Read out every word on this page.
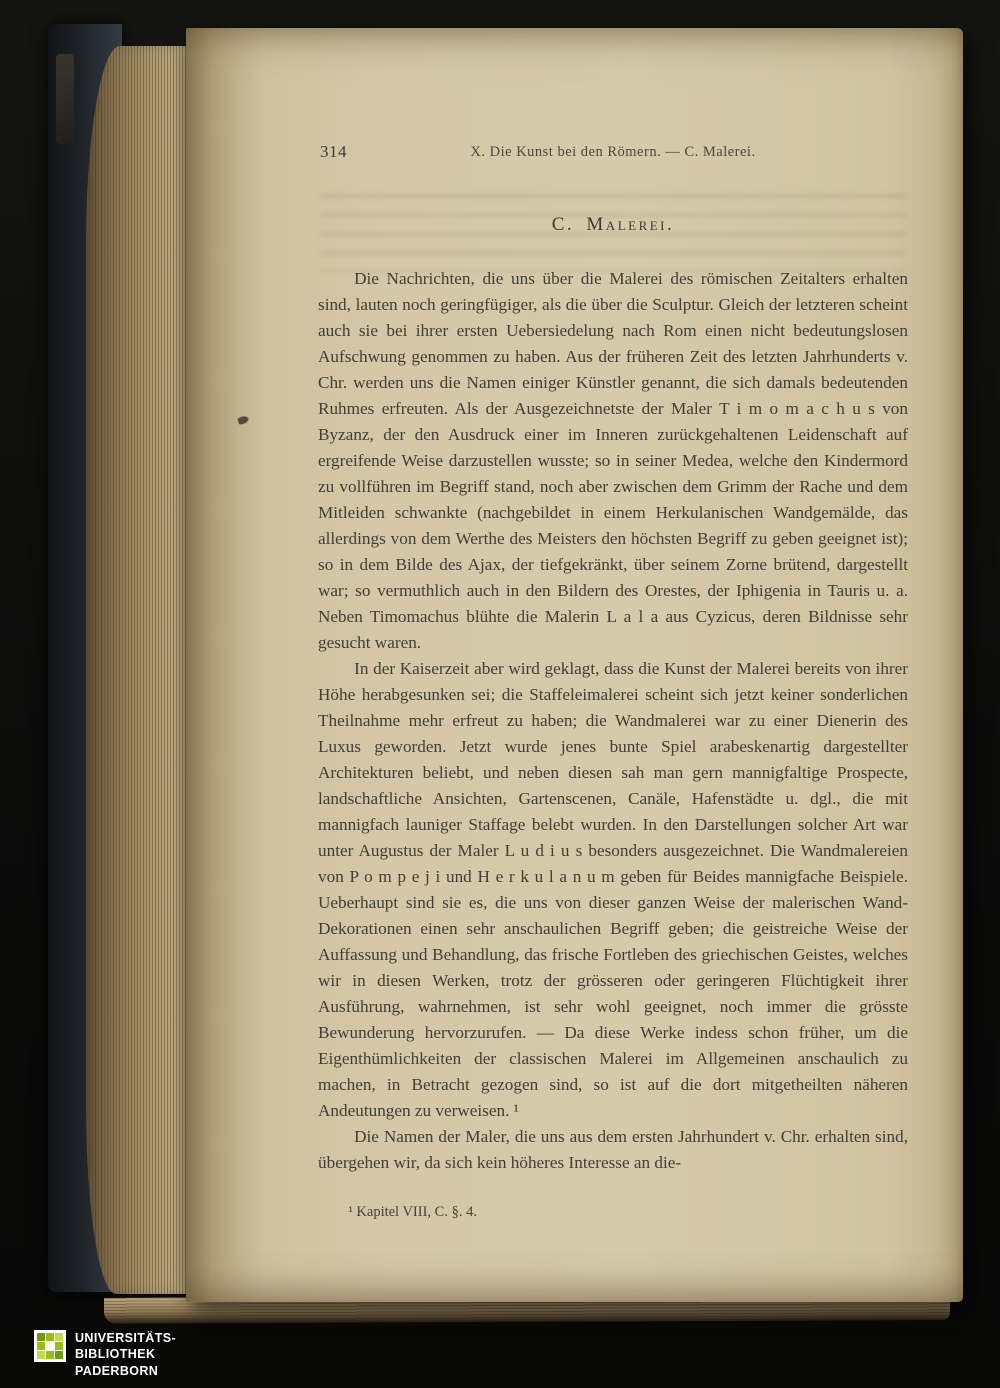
314	X. Die Kunst bei den Römern. — C. Malerei.
C. Malerei.

Die Nachrichten, die uns über die Malerei des römischen Zeitalters erhalten sind, lauten noch geringfügiger, als die über die Sculptur. Gleich der letzteren scheint auch sie bei ihrer ersten Uebersiedelung nach Rom einen nicht bedeutungslosen Aufschwung genommen zu haben. Aus der früheren Zeit des letzten Jahrhunderts v. Chr. werden uns die Namen einiger Künstler genannt, die sich damals bedeutenden Ruhmes erfreuten. Als der Ausgezeichnetste der Maler T i m o m a c h u s von Byzanz, der den Ausdruck einer im Inneren zurückgehaltenen Leidenschaft auf ergreifende Weise darzustellen wusste; so in seiner Medea, welche den Kindermord zu vollführen im Begriff stand, noch aber zwischen dem Grimm der Rache und dem Mitleiden schwankte (nachgebildet in einem Herkulanischen Wandgemälde, das allerdings von dem Werthe des Meisters den höchsten Begriff zu geben geeignet ist); so in dem Bilde des Ajax, der tiefgekränkt, über seinem Zorne brütend, dargestellt war; so vermuthlich auch in den Bildern des Orestes, der Iphigenia in Tauris u. a. Neben Timomachus blühte die Malerin L a l a aus Cyzicus, deren Bildnisse sehr gesucht waren.

In der Kaiserzeit aber wird geklagt, dass die Kunst der Malerei bereits von ihrer Höhe herabgesunken sei; die Staffeleimalerei scheint sich jetzt keiner sonderlichen Theilnahme mehr erfreut zu haben; die Wandmalerei war zu einer Dienerin des Luxus geworden. Jetzt wurde jenes bunte Spiel arabeskenartig dargestellter Architekturen beliebt, und neben diesen sah man gern mannigfaltige Prospecte, landschaftliche Ansichten, Gartenscenen, Canäle, Hafenstädte u. dgl., die mit mannigfach launiger Staffage belebt wurden. In den Darstellungen solcher Art war unter Augustus der Maler L u d i u s besonders ausgezeichnet. Die Wandmalereien von P o m p e j i und H e r k u l a n u m geben für Beides mannigfache Beispiele. Ueberhaupt sind sie es, die uns von dieser ganzen Weise der malerischen Wand-Dekorationen einen sehr anschaulichen Begriff geben; die geistreiche Weise der Auffassung und Behandlung, das frische Fortleben des griechischen Geistes, welches wir in diesen Werken, trotz der grösseren oder geringeren Flüchtigkeit ihrer Ausführung, wahrnehmen, ist sehr wohl geeignet, noch immer die grösste Bewunderung hervorzurufen. — Da diese Werke indess schon früher, um die Eigenthümlichkeiten der classischen Malerei im Allgemeinen anschaulich zu machen, in Betracht gezogen sind, so ist auf die dort mitgetheilten näheren Andeutungen zu verweisen. ¹

Die Namen der Maler, die uns aus dem ersten Jahrhundert v. Chr. erhalten sind, übergehen wir, da sich kein höheres Interesse an die-

¹ Kapitel VIII, C. §. 4.
UNIVERSITÄTS-
BIBLIOTHEK
PADERBORN
